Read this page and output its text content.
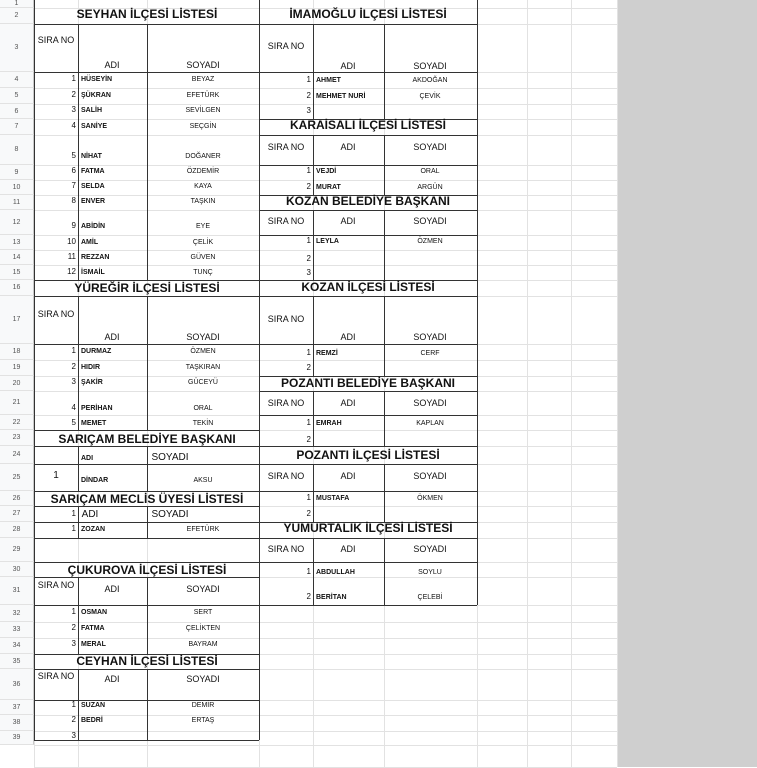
1
2
3
4
5
6
7
8
9
10
11
12
13
14
15
16
17
18
19
20
21
22
23
24
25
26
27
28
29
30
31
32
33
34
35
36
37
38
39
SEYHAN İLÇESİ LİSTESİ
SIRA NO
ADI	SOYADI
1 HÜSEYİN	BEYAZ
2 ŞÜKRAN	EFETÜRK
3 SALİH	SEVİLGEN
4 SANİYE	SEÇGİN
5 NİHAT	DOĞANER
6 FATMA	ÖZDEMİR
7 SELDA	KAYA
8 ENVER	TAŞKIN
9 ABİDİN	EYE
10 AMİL	ÇELİK
11 REZZAN	GÜVEN
12 İSMAİL	TUNÇ
YÜREĞİR İLÇESİ LİSTESİ
SIRA NO
ADI	SOYADI
1 DURMAZ	ÖZMEN
2 HIDIR	TAŞKIRAN
3 ŞAKİR	GÜCEYÜ
4 PERİHAN	ORAL
5 MEMET	TEKİN
SARIÇAM BELEDİYE BAŞKANI
ADI	SOYADI
1	DİNDAR	AKSU
SARIÇAM MECLİS ÜYESİ LİSTESİ
1 ADI	SOYADI
1 ZOZAN	EFETÜRK
ÇUKUROVA İLÇESİ LİSTESİ
SIRA NO	ADI	SOYADI
1 OSMAN	SERT
2 FATMA	ÇELİKTEN
3 MERAL	BAYRAM
CEYHAN İLÇESİ LİSTESİ
SIRA NO	ADI	SOYADI
1 SUZAN	DEMİR
2 BEDRİ	ERTAŞ
3
İMAMOĞLU İLÇESİ LİSTESİ
SIRA NO
ADI	SOYADI
1 AHMET	AKDOĞAN
2 MEHMET NURİ	ÇEVİK
3
KARAİSALI İLÇESİ LİSTESİ
SIRA NO	ADI	SOYADI
1 VEJDİ	ORAL
2 MURAT	ARGÜN
KOZAN BELEDİYE BAŞKANI
SIRA NO	ADI	SOYADI
1 LEYLA	ÖZMEN
2
3
KOZAN İLÇESİ LİSTESİ
SIRA NO
ADI	SOYADI
1 REMZİ	CERF
2
POZANTI BELEDİYE BAŞKANI
SIRA NO	ADI	SOYADI
1 EMRAH	KAPLAN
2
POZANTI İLÇESİ LİSTESİ
SIRA NO	ADI	SOYADI
1 MUSTAFA	ÖKMEN
2
YUMURTALIK İLÇESİ LİSTESİ
SIRA NO	ADI	SOYADI
1 ABDULLAH	SOYLU
2 BERİTAN	ÇELEBİ
